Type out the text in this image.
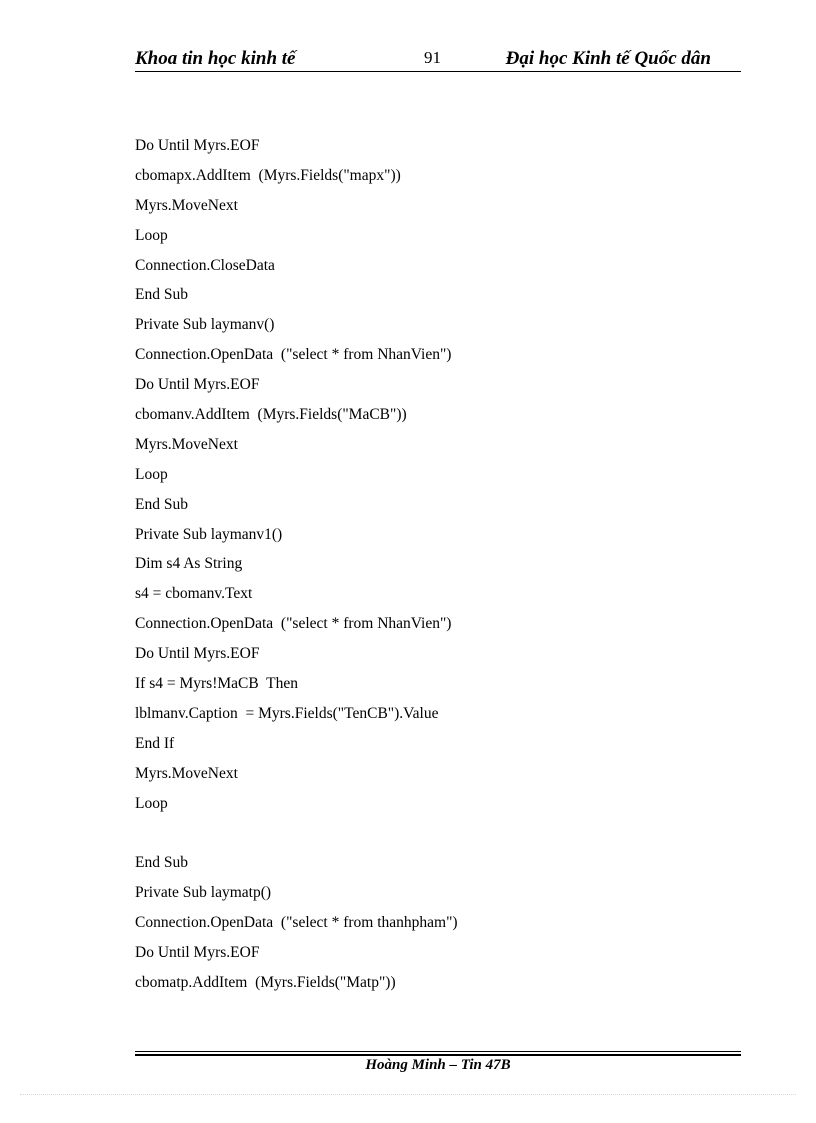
Khoa tin học kinh tế	91	Đại học Kinh tế Quốc dân
Do Until Myrs.EOF
cbomapx.AddItem  (Myrs.Fields("mapx"))
Myrs.MoveNext
Loop
Connection.CloseData
End Sub
Private Sub laymanv()
Connection.OpenData  ("select * from NhanVien")
Do Until Myrs.EOF
cbomanv.AddItem  (Myrs.Fields("MaCB"))
Myrs.MoveNext
Loop
End Sub
Private Sub laymanv1()
Dim s4 As String
s4 = cbomanv.Text
Connection.OpenData  ("select * from NhanVien")
Do Until Myrs.EOF
If s4 = Myrs!MaCB  Then
lblmanv.Caption  = Myrs.Fields("TenCB").Value
End If
Myrs.MoveNext
Loop
End Sub
Private Sub laymatp()
Connection.OpenData  ("select * from thanhpham")
Do Until Myrs.EOF
cbomatp.AddItem  (Myrs.Fields("Matp"))
Hoàng Minh – Tin 47B
